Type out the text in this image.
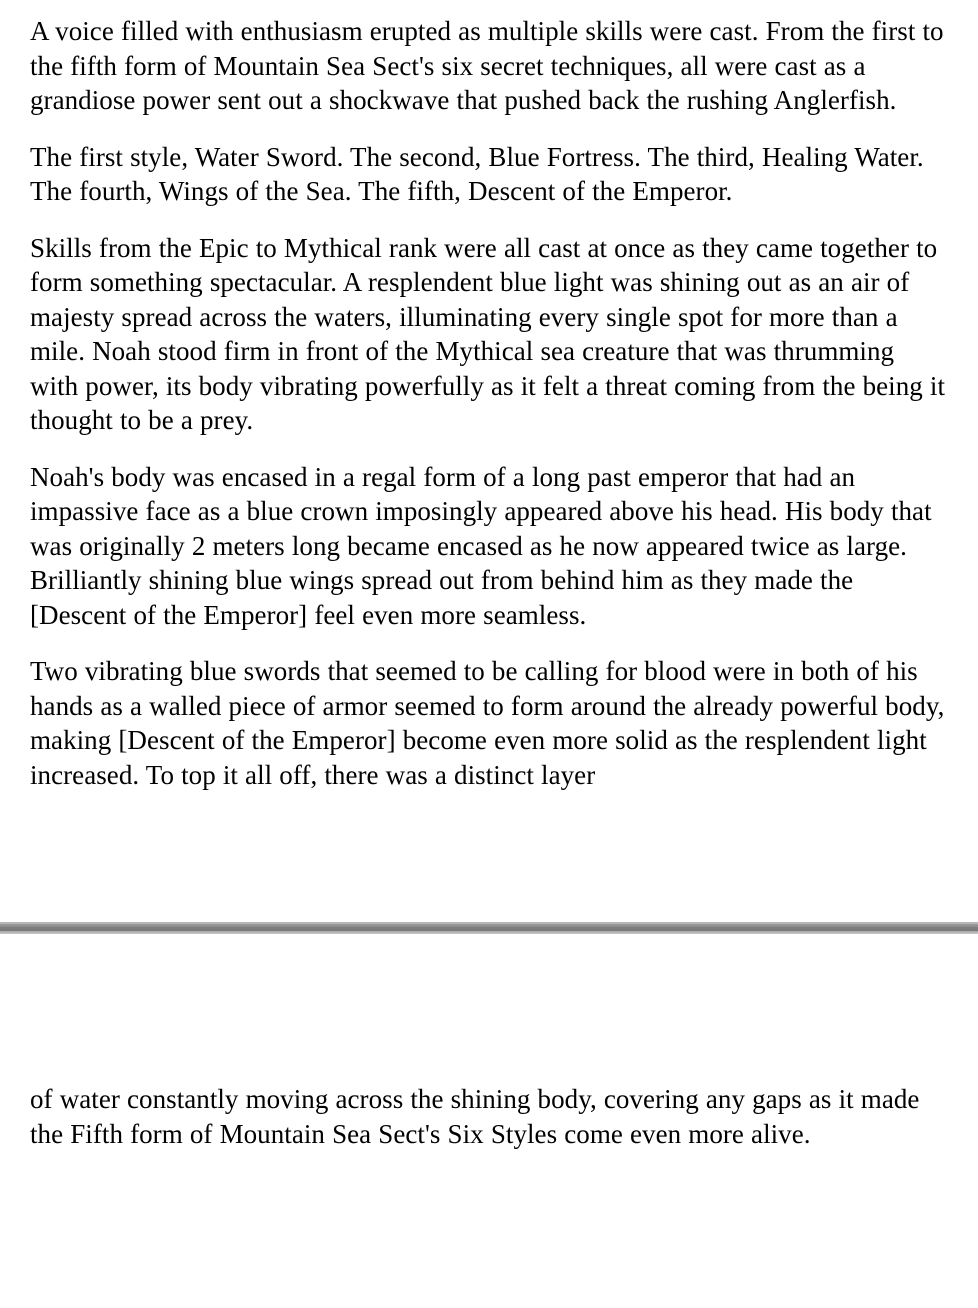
A voice filled with enthusiasm erupted as multiple skills were cast. From the first to the fifth form of Mountain Sea Sect's six secret techniques, all were cast as a grandiose power sent out a shockwave that pushed back the rushing Anglerfish.

The first style, Water Sword. The second, Blue Fortress. The third, Healing Water. The fourth, Wings of the Sea. The fifth, Descent of the Emperor.

Skills from the Epic to Mythical rank were all cast at once as they came together to form something spectacular. A resplendent blue light was shining out as an air of majesty spread across the waters, illuminating every single spot for more than a mile. Noah stood firm in front of the Mythical sea creature that was thrumming with power, its body vibrating powerfully as it felt a threat coming from the being it thought to be a prey.

Noah's body was encased in a regal form of a long past emperor that had an impassive face as a blue crown imposingly appeared above his head. His body that was originally 2 meters long became encased as he now appeared twice as large. Brilliantly shining blue wings spread out from behind him as they made the [Descent of the Emperor] feel even more seamless.

Two vibrating blue swords that seemed to be calling for blood were in both of his hands as a walled piece of armor seemed to form around the already powerful body, making [Descent of the Emperor] become even more solid as the resplendent light increased. To top it all off, there was a distinct layer

of water constantly moving across the shining body, covering any gaps as it made the Fifth form of Mountain Sea Sect's Six Styles come even more alive.
